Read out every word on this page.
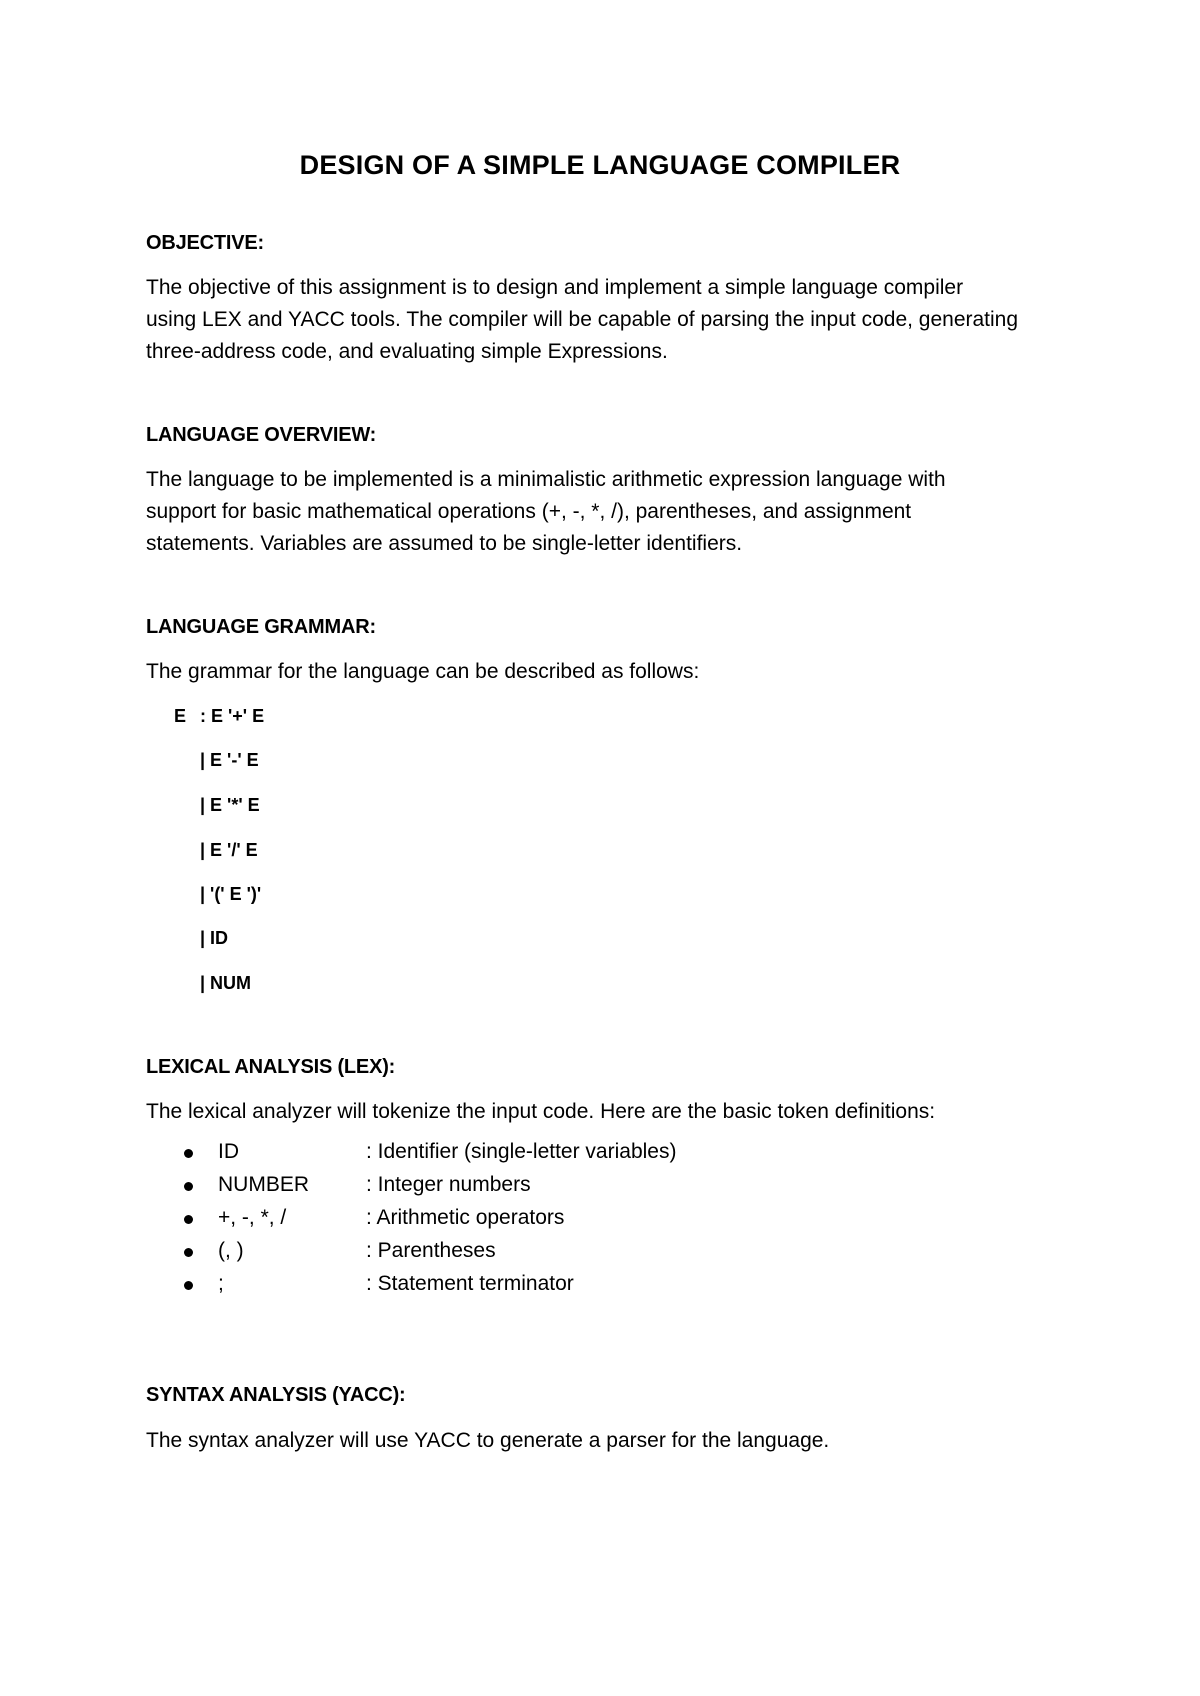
DESIGN OF A SIMPLE LANGUAGE COMPILER
OBJECTIVE:
The objective of this assignment is to design and implement a simple language compiler
using LEX and YACC tools. The compiler will be capable of parsing the input code, generating
three-address code, and evaluating simple Expressions.
LANGUAGE OVERVIEW:
The language to be implemented is a minimalistic arithmetic expression language with
support for basic mathematical operations (+, -, *, /), parentheses, and assignment
statements. Variables are assumed to be single-letter identifiers.
LANGUAGE GRAMMAR:
The grammar for the language can be described as follows:
E : E '+' E
| E '-' E
| E '*' E
| E '/' E
| '(' E ')'
| ID
| NUM
LEXICAL ANALYSIS (LEX):
The lexical analyzer will tokenize the input code. Here are the basic token definitions:
ID	: Identifier (single-letter variables)
NUMBER	: Integer numbers
+, -, *, /	: Arithmetic operators
(, )	: Parentheses
;	: Statement terminator
SYNTAX ANALYSIS (YACC):
The syntax analyzer will use YACC to generate a parser for the language.
